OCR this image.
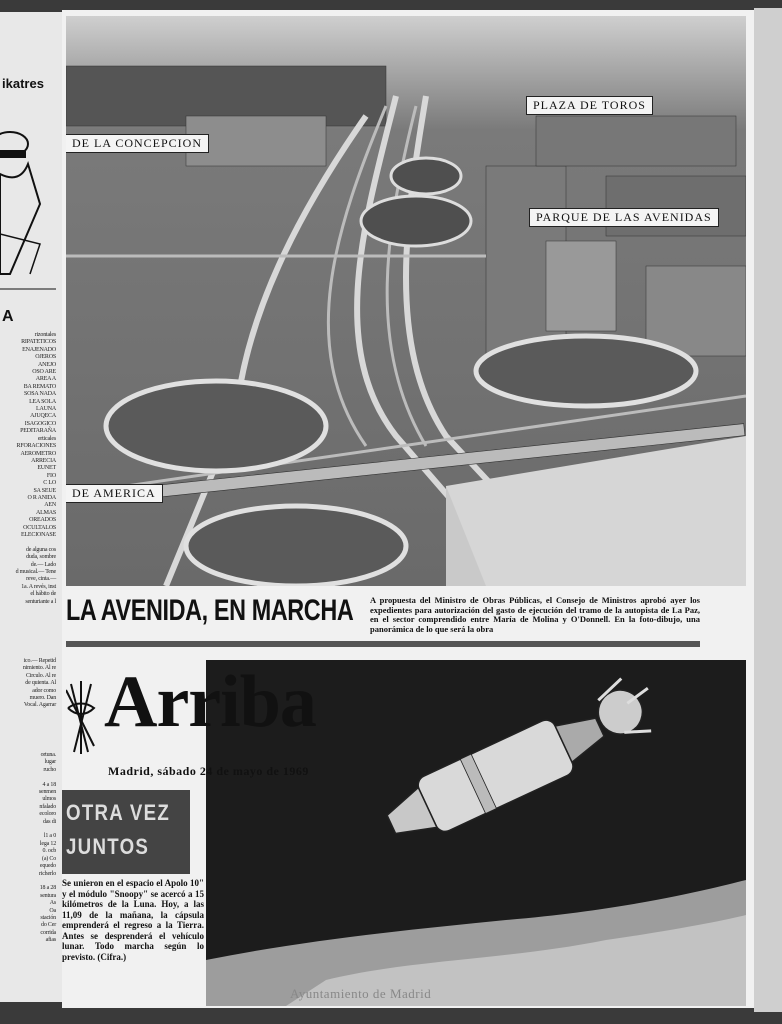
ikatres
A
rizontales
RIPATETICOS
ENAJENADO
OJEROS
ANEJO
OSO ARE
AREA A
BA REMATO
SOSA NADA
LEA SOLA
LAUNA
AJUQECA
ISAGOGICO
PEDITARAÑA
erticales
RFORACIONES
AEROMETRO
ARRECIA
EUNET
FIO
C LO
SA SEUE
O R ANIDA
AEN
ALMAS
OREADOS
OCULTALOS
ELECIONASE

de alguna cos
duda, sombre
de.— Lado
d musical.— Tene
reve, cinta.—
1a. A revés, inst
el hábito de
senturiante a l
ico.— Repetid
nimiento. Al re
Circulo. Al re
de quienta. Al
ador como
muero. Dan
Vocal. Agarrar
ortuna.
lugar
rucho

4 a 18
senmen
ulmos
nfalado
ecoloro
das di

l1 a 0
lega 12
0. ocb
(a) Co
equedo
richerlo

18 a 28
sentura
As
Oa
stación
do Cer
corrida
afias
PLAZA DE TOROS
DE LA CONCEPCION
PARQUE DE LAS AVENIDAS
DE AMERICA
LA AVENIDA, EN MARCHA A propuesta del Ministro de Obras Públicas, el Consejo de Ministros aprobó ayer los expedientes para autorización del gasto de ejecución del tramo de la autopista de La Paz, en el sector comprendido entre María de Molina y O'Donnell. En la foto-dibujo, una panorámica de lo que será la obra
Arriba
Madrid, sábado 24 de mayo de 1969
OTRA VEZ
JUNTOS
Se unieron en el espacio el Apolo 10" y el módulo "Snoopy" se acercó a 15 kilómetros de la Luna. Hoy, a las 11,09 de la mañana, la cápsula emprenderá el regreso a la Tierra. Antes se desprenderá el vehículo lunar. Todo marcha según lo previsto. (Cifra.)
Ayuntamiento de Madrid
